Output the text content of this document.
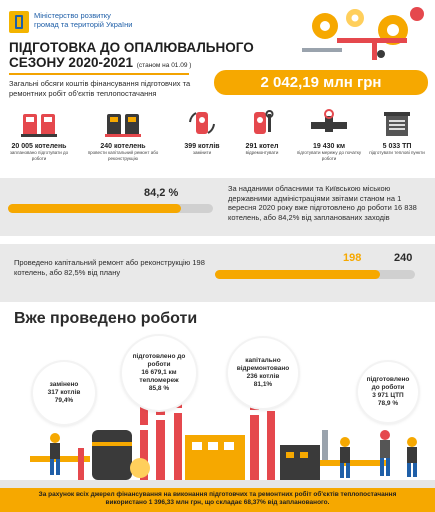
Міністерство розвитку
громад та територій України
ПІДГОТОВКА ДО ОПАЛЮВАЛЬНОГО
СЕЗОНУ 2020-2021 (станом на 01.09 )
Загальні обсяги коштів фінансування підготовчих та ремонтних робіт об'єктів теплопостачання
2 042,19 млн грн
20 005 котелень
заплановано підготувати до роботи
240 котелень
провести капітальний ремонт або реконструкцію
399 котлів
замінити
291 котел
відремонтувати
19 430 км
підготувати мережу до початку роботи
5 033 ТП
підготувати теплові пункти
84,2 %	За наданими обласними та Київською міською державними адміністраціями звітами станом на 1 вересня 2020 року вже підготовлено до роботи 16 838 котелень, або 84,2% від запланованих заходів
Проведено капітальний ремонт або реконструкцію 198 котелень, або 82,5% від плану
198	240
Вже проведено роботи
замінено
317 котлів
79,4%
підготовлено до роботи
16 679,1 км тепломереж
85,8 %
капітально відремонтовано
236 котлів
81,1%
підготовлено до роботи
3 971 ЦТП
78,9 %
За рахунок всіх джерел фінансування на виконання підготовчих та ремонтних робіт об'єктів теплопостачання
використано 1 396,33 млн грн, що складає 68,37% від запланованого.
